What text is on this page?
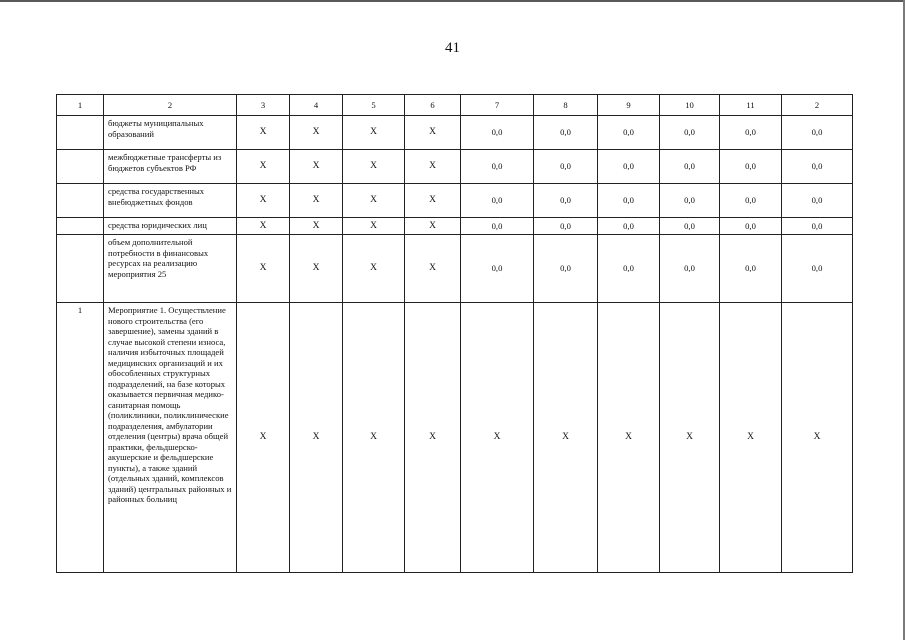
41
1	2	3	4	5	6	7	8	9	10	11	2
	бюджеты муниципальных образований	X	X	X	X	0,0	0,0	0,0	0,0	0,0	0,0
	межбюджетные трансферты из бюджетов субъектов РФ	X	X	X	X	0,0	0,0	0,0	0,0	0,0	0,0
	средства государственных внебюджетных фондов	X	X	X	X	0,0	0,0	0,0	0,0	0,0	0,0
	средства юридических лиц	X	X	X	X	0,0	0,0	0,0	0,0	0,0	0,0
	объем дополнительной потребности в финансовых ресурсах на реализацию мероприятия 25	X	X	X	X	0,0	0,0	0,0	0,0	0,0	0,0
1	Мероприятие 1. Осуществление нового строительства (его завершение), замены зданий в случае высокой степени износа, наличия избыточных площадей медицинских организаций и их обособленных структурных подразделений, на базе которых оказывается первичная медико-санитарная помощь (поликлиники, поликлинические подразделения, амбулатории отделения (центры) врача общей практики, фельдшерско-акушерские и фельдшерские пункты), а также зданий (отдельных зданий, комплексов зданий) центральных районных и районных больниц	X	X	X	X	X	X	X	X	X	X
